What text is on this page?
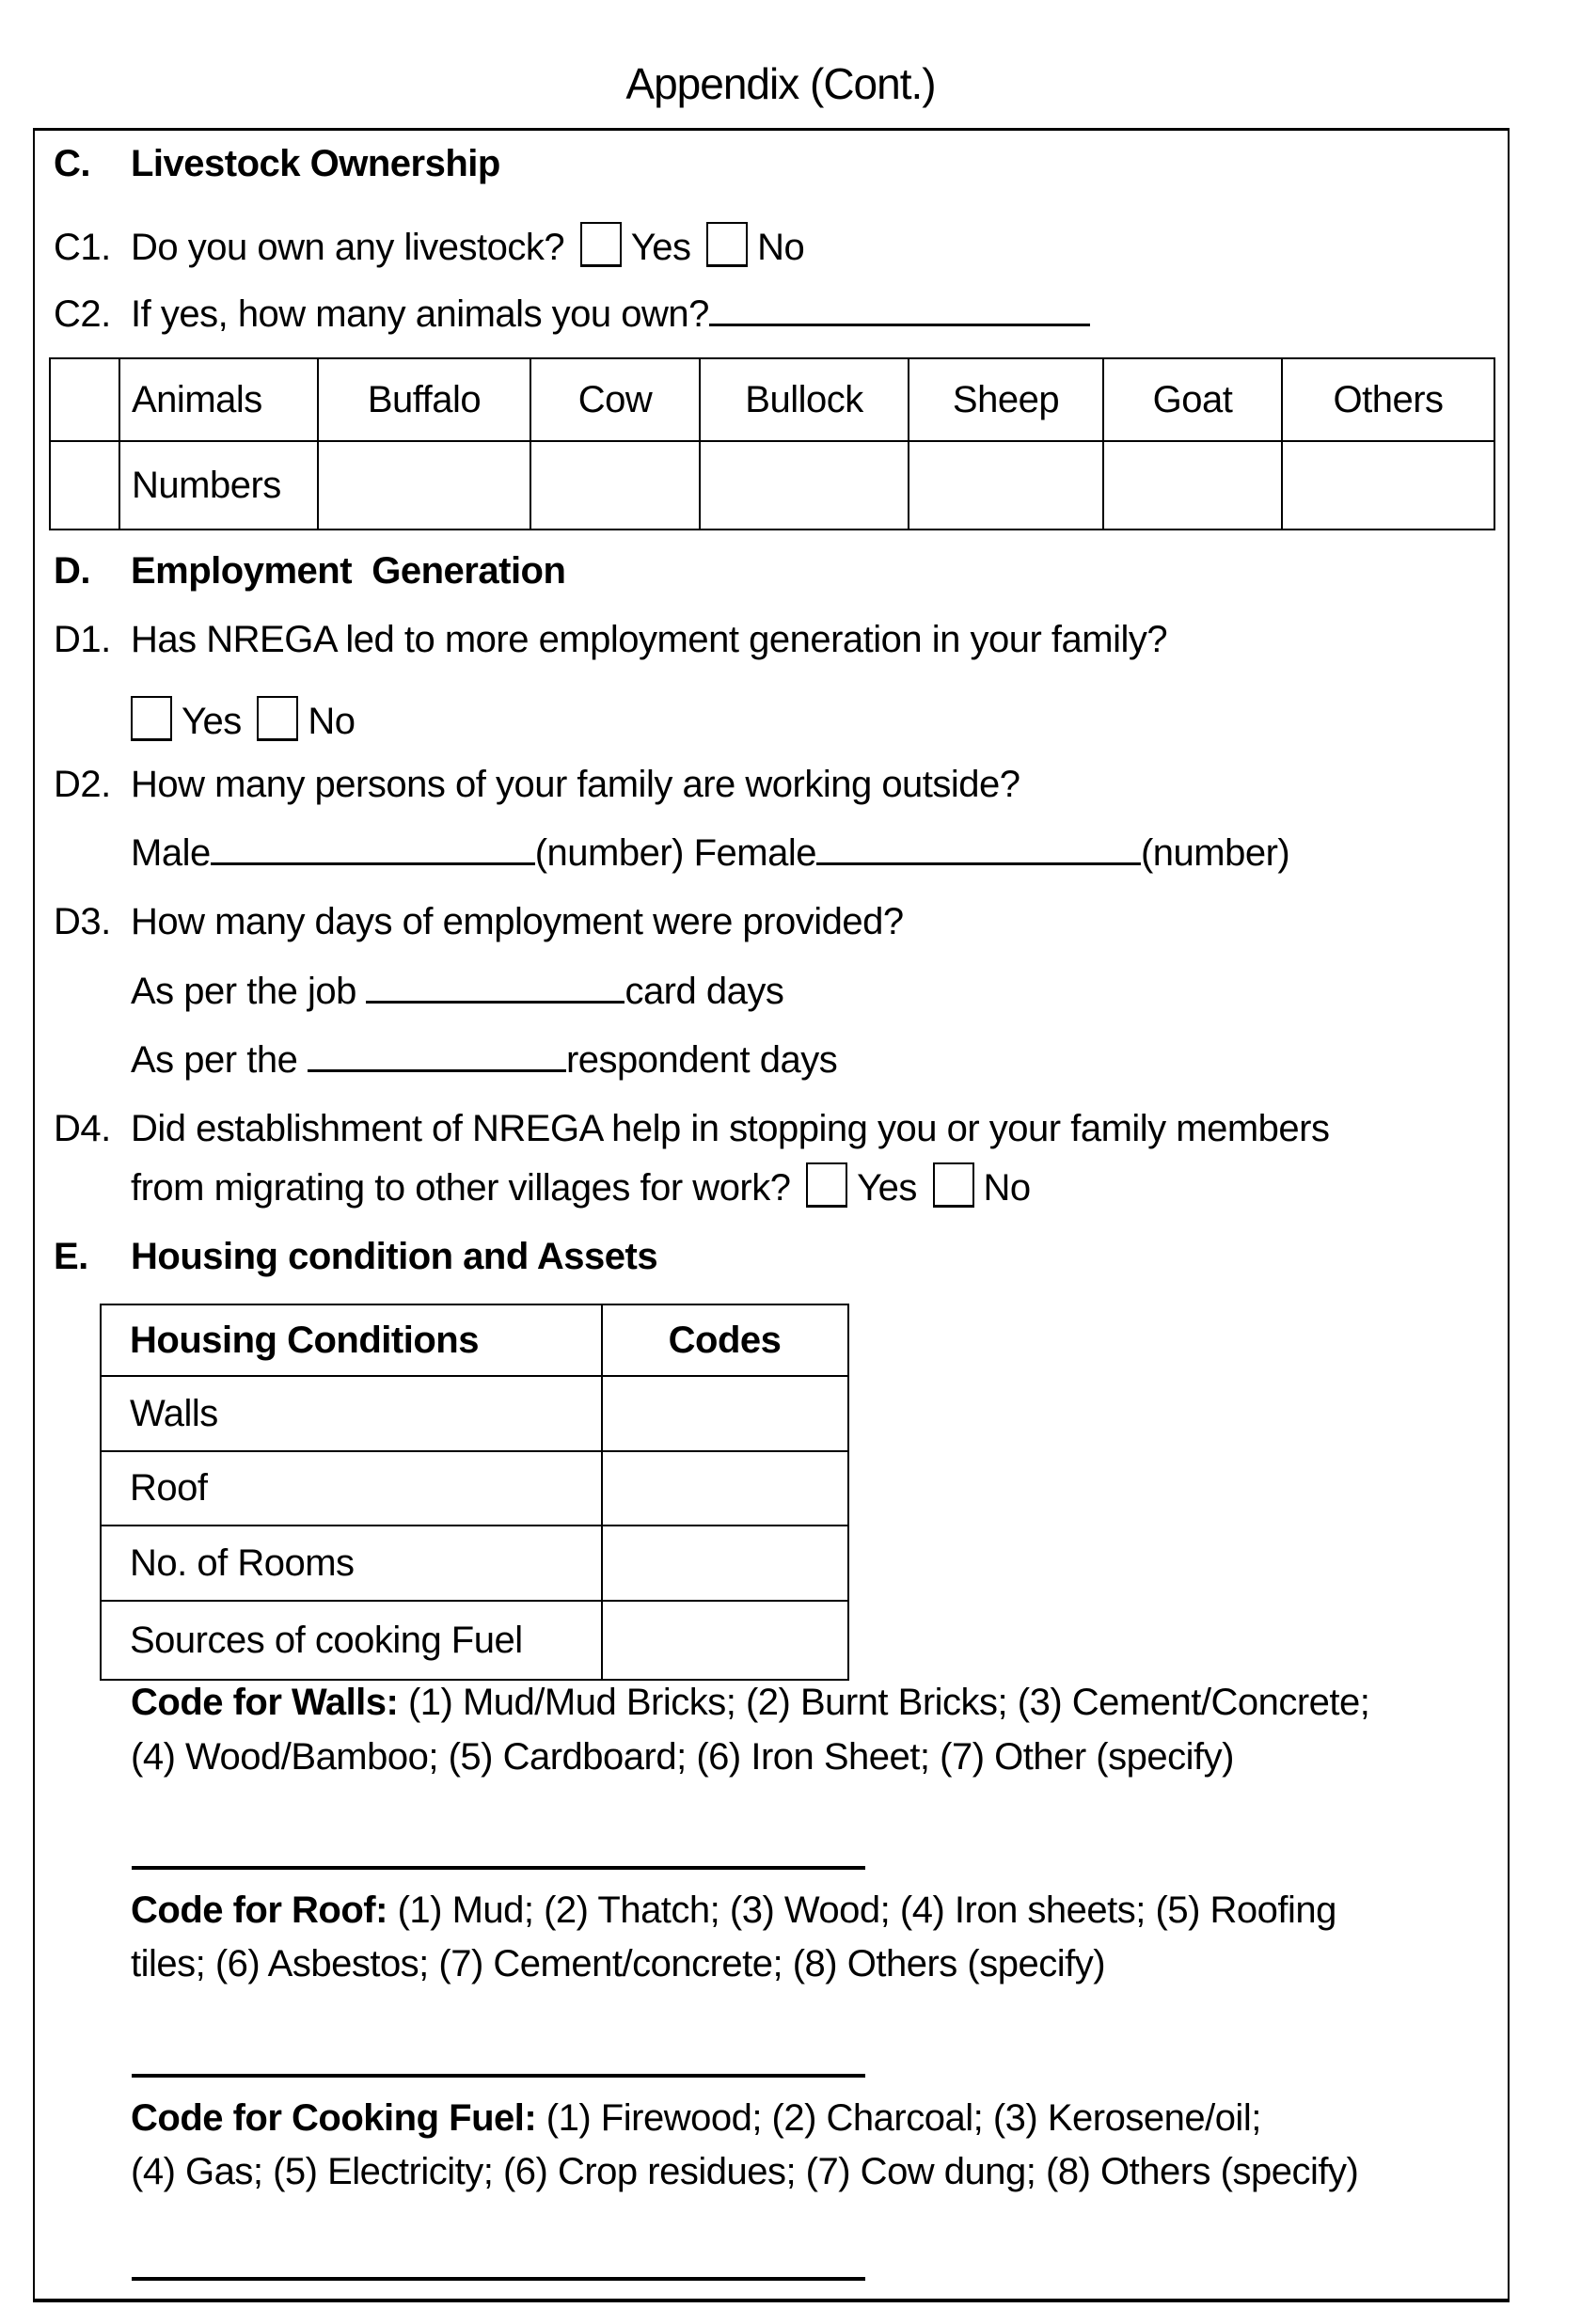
Appendix (Cont.)
C. Livestock Ownership
C1. Do you own any livestock? Yes No
C2. If yes, how many animals you own?
	Animals	Buffalo	Cow	Bullock	Sheep	Goat	Others
	Numbers						
D. Employment  Generation
D1. Has NREGA led to more employment generation in your family?
Yes No
D2. How many persons of your family are working outside?
Male	(number) Female	(number)
D3. How many days of employment were provided?
As per the job	card days
As per the	respondent days
D4. Did establishment of NREGA help in stopping you or your family members
from migrating to other villages for work? Yes No
E. Housing condition and Assets
Housing Conditions	Codes
Walls	
Roof	
No. of Rooms	
Sources of cooking Fuel	
Code for Walls: (1) Mud/Mud Bricks; (2) Burnt Bricks; (3) Cement/Concrete;
(4) Wood/Bamboo; (5) Cardboard; (6) Iron Sheet; (7) Other (specify)
Code for Roof: (1) Mud; (2) Thatch; (3) Wood; (4) Iron sheets; (5) Roofing
tiles; (6) Asbestos; (7) Cement/concrete; (8) Others (specify)
Code for Cooking Fuel: (1) Firewood; (2) Charcoal; (3) Kerosene/oil;
(4) Gas; (5) Electricity; (6) Crop residues; (7) Cow dung; (8) Others (specify)
